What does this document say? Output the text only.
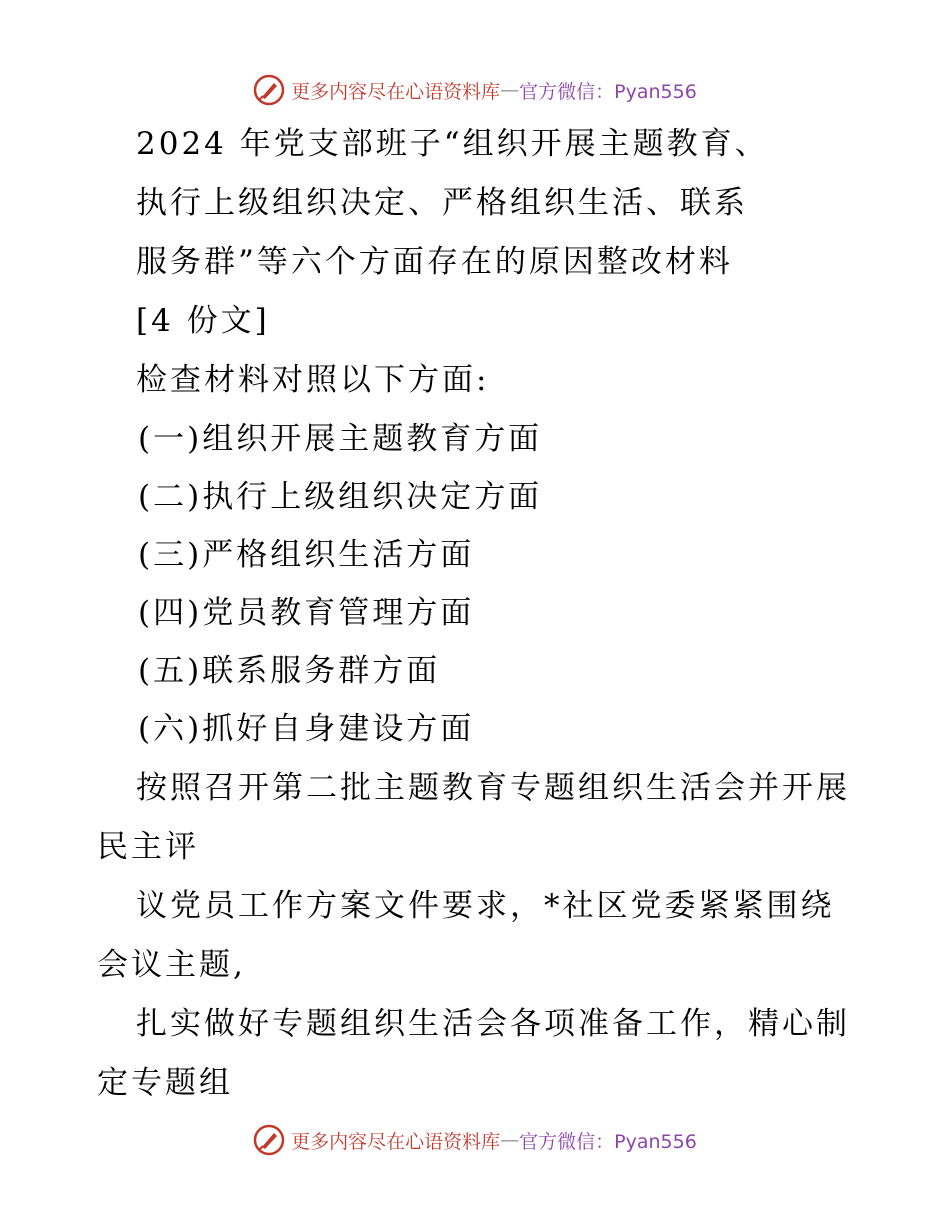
更多内容尽在心语资料库 — 官方微信：Pyan556
2024 年党支部班子“组织开展主题教育、
执行上级组织决定、严格组织生活、联系
服务群”等六个方面存在的原因整改材料
[4 份文]
检查材料对照以下方面:
(一)组织开展主题教育方面
(二)执行上级组织决定方面
(三)严格组织生活方面
(四)党员教育管理方面
(五)联系服务群方面
(六)抓好自身建设方面
按照召开第二批主题教育专题组织生活会并开展
民主评
议党员工作方案文件要求，*社区党委紧紧围绕
会议主题,
扎实做好专题组织生活会各项准备工作，精心制
定专题组
更多内容尽在心语资料库 — 官方微信：Pyan556
